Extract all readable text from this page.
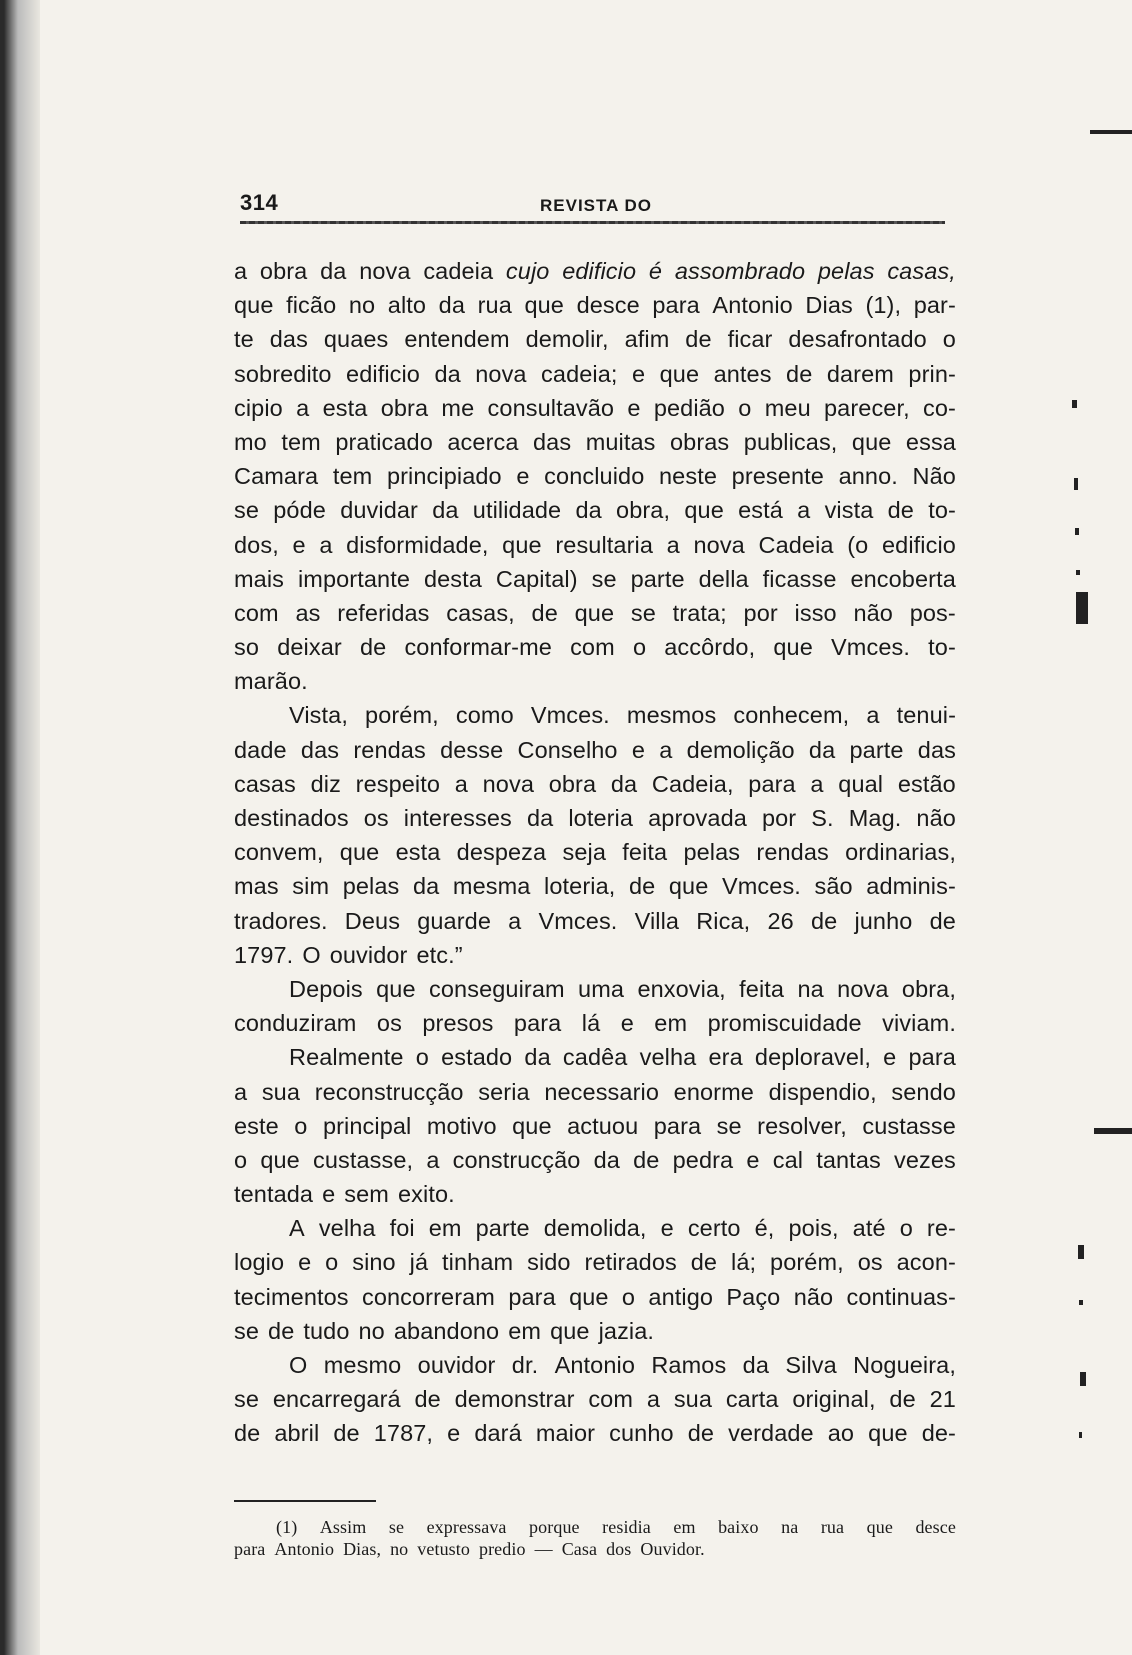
314	REVISTA DO
a obra da nova cadeia cujo edificio é assombrado pelas casas,
que ficão no alto da rua que desce para Antonio Dias (1), par-
te das quaes entendem demolir, afim de ficar desafrontado o
sobredito edificio da nova cadeia; e que antes de darem prin-
cipio a esta obra me consultavão e pedião o meu parecer, co-
mo tem praticado acerca das muitas obras publicas, que essa
Camara tem principiado e concluido neste presente anno. Não
se póde duvidar da utilidade da obra, que está a vista de to-
dos, e a disformidade, que resultaria a nova Cadeia (o edificio
mais importante desta Capital) se parte della ficasse encoberta
com as referidas casas, de que se trata; por isso não pos-
so deixar de conformar-me com o accôrdo, que Vmces. to-
marão.
Vista, porém, como Vmces. mesmos conhecem, a tenui-
dade das rendas desse Conselho e a demolição da parte das
casas diz respeito a nova obra da Cadeia, para a qual estão
destinados os interesses da loteria aprovada por S. Mag. não
convem, que esta despeza seja feita pelas rendas ordinarias,
mas sim pelas da mesma loteria, de que Vmces. são adminis-
tradores. Deus guarde a Vmces. Villa Rica, 26 de junho de
1797. O ouvidor etc.”
Depois que conseguiram uma enxovia, feita na nova obra,
conduziram os presos para lá e em promiscuidade viviam.
Realmente o estado da cadêa velha era deploravel, e para
a sua reconstrucção seria necessario enorme dispendio, sendo
este o principal motivo que actuou para se resolver, custasse
o que custasse, a construcção da de pedra e cal tantas vezes
tentada e sem exito.
A velha foi em parte demolida, e certo é, pois, até o re-
logio e o sino já tinham sido retirados de lá; porém, os acon-
tecimentos concorreram para que o antigo Paço não continuas-
se de tudo no abandono em que jazia.
O mesmo ouvidor dr. Antonio Ramos da Silva Nogueira,
se encarregará de demonstrar com a sua carta original, de 21
de abril de 1787, e dará maior cunho de verdade ao que de-
(1) Assim se expressava porque residia em baixo na rua que desce
para Antonio Dias, no vetusto predio — Casa dos Ouvidor.
